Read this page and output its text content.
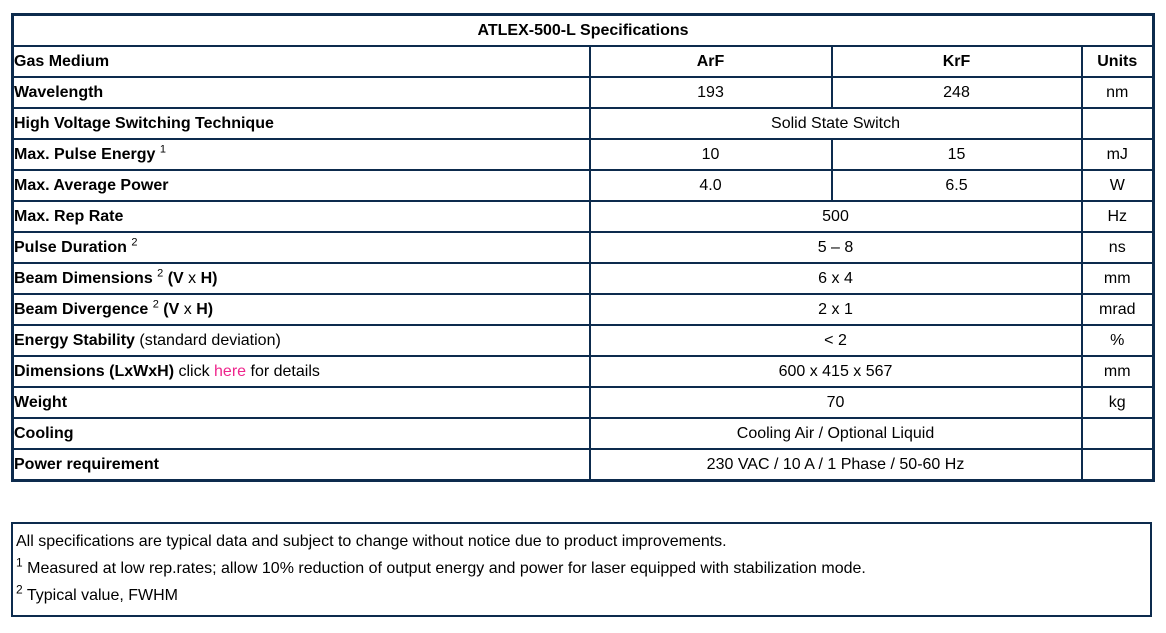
ATLEX-500-L Specifications			
Gas Medium	ArF	KrF	Units
Wavelength	193	248	nm
High Voltage Switching Technique	Solid State Switch		
Max. Pulse Energy $^1$	10	15	mJ
Max. Average Power	4.0	6.5	W
Max. Rep Rate	500		Hz
Pulse Duration $^2$	5 – 8		ns
Beam Dimensions $^2$ (V x H)	6 x 4		mm
Beam Divergence $^2$ (V x H)	2 x 1		mrad
Energy Stability (standard deviation)	< 2		%
Dimensions (LxWxH) click here for details	600 x 415 x 567		mm
Weight	70		kg
Cooling	Cooling Air / Optional Liquid		
Power requirement	230 VAC / 10 A / 1 Phase / 50-60 Hz		

All specifications are typical data and subject to change without notice due to product improvements.

$^1$ Measured at low rep.rates; allow 10% reduction of output energy and power for laser equipped with stabilization mode.

$^2$ Typical value, FWHM
